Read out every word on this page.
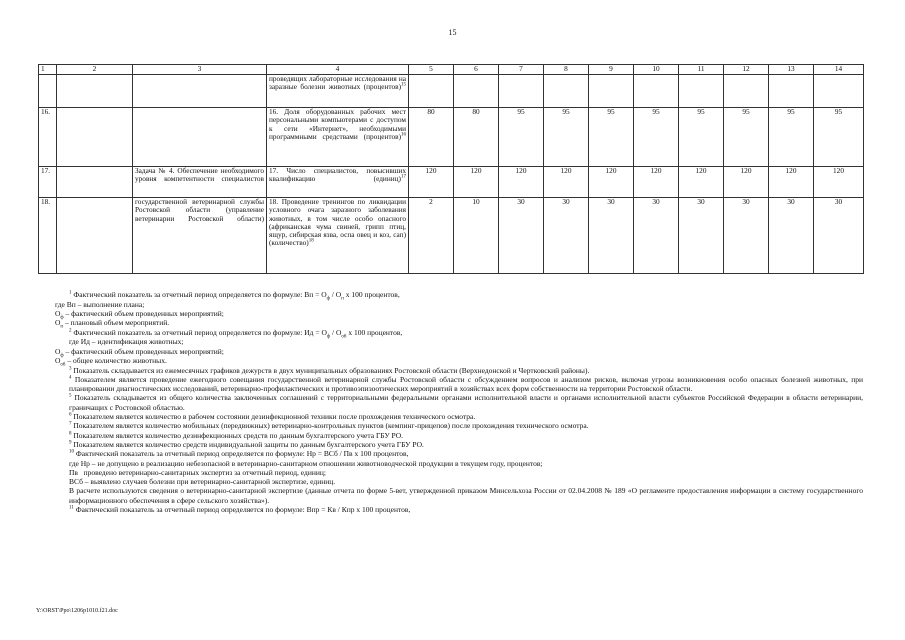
15
1	2	3	4	5	6	7	8	9	10	11	12	13	14
			проведящих лабораторные исследования на заразные болезни животных (процентов)$^{15}$										
16.			16. Доля оборудованных рабочих мест персональными компьютерами с доступом к сети «Интернет», необходимыми программными средствами (процентов)$^{16}$	80	80	95	95	95	95	95	95	95	95
17.		Задача № 4. Обеспечение необходимого уровня компетентности специалистов	17. Число специалистов, повысивших квалификацию (единиц)$^{17}$	120	120	120	120	120	120	120	120	120	120
18.		государственной ветеринарной службы Ростовской области (управление ветеринарии Ростовской области)	18. Проведение тренингов по ликвидации условного очага заразного заболевания животных, в том числе особо опасного (африканская чума свиней, грипп птиц, ящур, сибирская язва, оспа овец и коз, сап) (количество)$^{18}$	2	10	30	30	30	30	30	30	30	30
$^1$ Фактический показатель за отчетный период определяется по формуле: Вп = $О_ф / О_п$ х 100 процентов,
где Вп – выполнение плана;
$О_ф$ – фактический объем проведенных мероприятий;
$О_п$ – плановый объем мероприятий.
$^2$ Фактический показатель за отчетный период определяется по формуле: Ид = $О_ф / О_{об}$ х 100 процентов,
где Ид – идентификация животных;
$О_ф$ – фактический объем проведенных мероприятий;
$О_{об}$ – общее количество животных.
$^3$ Показатель складывается из ежемесячных графиков дежурств в двух муниципальных образованиях Ростовской области (Верхнедонской и Чертковский районы).
$^4$ Показателем является проведение ежегодного совещания государственной ветеринарной службы Ростовской области с обсуждением вопросов и анализом рисков, включая угрозы возникновения особо опасных болезней животных, при планировании диагностических исследований, ветеринарно-профилактических и противоэпизоотических мероприятий в хозяйствах всех форм собственности на территории Ростовской области.
$^5$ Показатель складывается из общего количества заключенных соглашений с территориальными федеральными органами исполнительной власти и органами исполнительной власти субъектов Российской Федерации в области ветеринарии, граничащих с Ростовской областью.
$^6$ Показателем является количество в рабочем состоянии дезинфекционной техники после прохождения технического осмотра.
$^7$ Показателем является количество мобильных (передвижных) ветеринарно-контрольных пунктов (кемпинг-прицепов) после прохождения технического осмотра.
$^8$ Показателем является количество дезинфекционных средств по данным бухгалтерского учета ГБУ РО.
$^9$ Показателем является количество средств индивидуальной защиты по данным бухгалтерского учета ГБУ РО.
$^{10}$ Фактический показатель за отчетный период определяется по формуле: Нр = ВСб / Пв х 100 процентов,
где Нр – не допущено в реализацию небезопасной в ветеринарно-санитарном отношении животноводческой продукции в текущем году, процентов;
Пв   проведено ветеринарно-санитарных экспертиз за отчетный период, единиц;
ВСб – выявлено случаев болезни при ветеринарно-санитарной экспертизе, единиц.
В расчете используются сведения о ветеринарно-санитарной экспертизе (данные отчета по форме 5-вет, утвержденной приказом Минсельхоза России от 02.04.2008 № 189 «О регламенте предоставления информации в систему государственного информационного обеспечения в сфере сельского хозяйства»).
$^{11}$ Фактический показатель за отчетный период определяется по формуле: Впр = Кв / Кпр х 100 процентов,
Y:\ORST\Ppo\1206p1010.f21.doc
